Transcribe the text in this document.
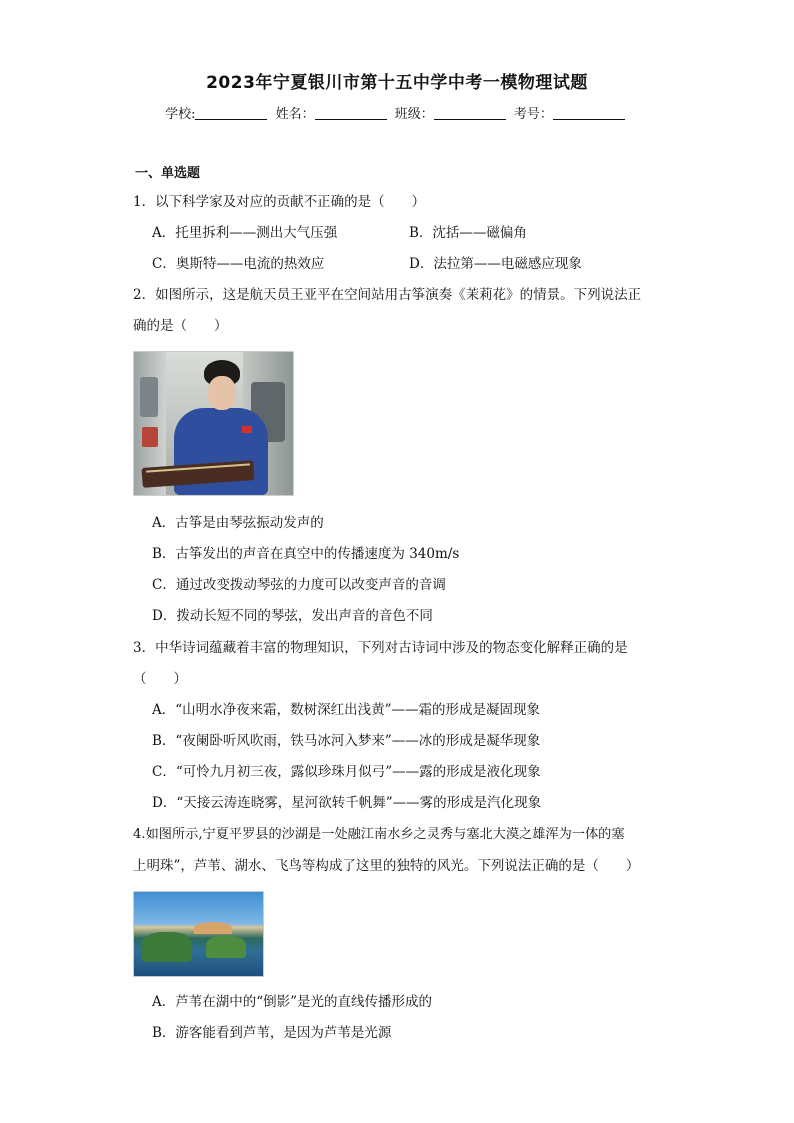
2023年宁夏银川市第十五中学中考一模物理试题
学校:	姓名：	班级：	考号：
一、单选题
1．以下科学家及对应的贡献不正确的是（　　）
A．托里拆利——测出大气压强	B．沈括——磁偏角
C．奥斯特——电流的热效应	D．法拉第——电磁感应现象
2．如图所示，这是航天员王亚平在空间站用古筝演奏《茉莉花》的情景。下列说法正
确的是（　　）
A．古筝是由琴弦振动发声的
B．古筝发出的声音在真空中的传播速度为 340m/s
C．通过改变拨动琴弦的力度可以改变声音的音调
D．拨动长短不同的琴弦，发出声音的音色不同
3．中华诗词蕴藏着丰富的物理知识，下列对古诗词中涉及的物态变化解释正确的是
（　　）
A．“山明水净夜来霜，数树深红出浅黄”——霜的形成是凝固现象
B．“夜阑卧听风吹雨，铁马冰河入梦来”——冰的形成是凝华现象
C．“可怜九月初三夜，露似珍珠月似弓”——露的形成是液化现象
D．“天接云涛连晓雾，星河欲转千帆舞”——雾的形成是汽化现象
4.如图所示,宁夏平罗县的沙湖是一处融江南水乡之灵秀与塞北大漠之雄浑为一体的塞
上明珠”，芦苇、湖水、飞鸟等构成了这里的独特的风光。下列说法正确的是（　　）
A．芦苇在湖中的“倒影”是光的直线传播形成的
B．游客能看到芦苇，是因为芦苇是光源
